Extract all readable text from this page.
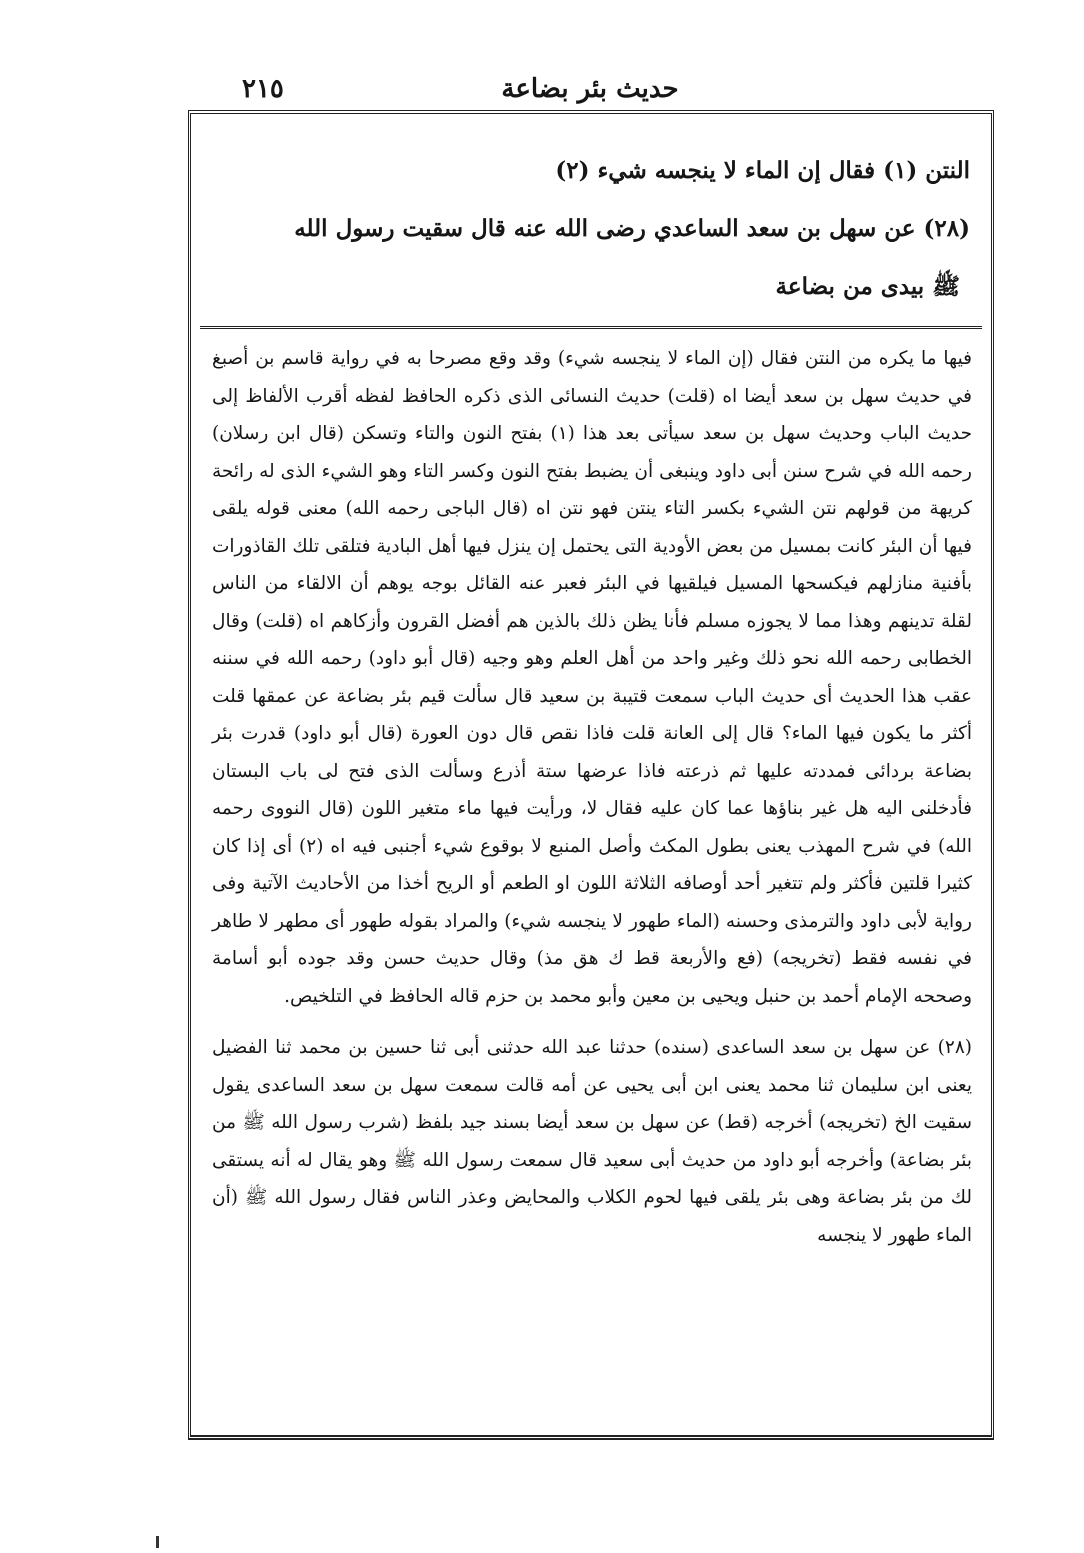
٢١٥	حديث بئر بضاعة

النتن (١) فقال إن الماء لا ينجسه شيء (٢)

(٢٨) عن سهل بن سعد الساعدي رضى الله عنه قال سقيت رسول الله

ﷺ بيدى من بضاعة

فيها ما يكره من النتن فقال (إن الماء لا ينجسه شيء) وقد وقع مصرحا به في رواية قاسم بن أصبغ في حديث سهل بن سعد أيضا اه (قلت) حديث النسائى الذى ذكره الحافظ لفظه أقرب الألفاظ إلى حديث الباب وحديث سهل بن سعد سيأتى بعد هذا (١) بفتح النون والتاء وتسكن (قال ابن رسلان) رحمه الله في شرح سنن أبى داود وينبغى أن يضبط بفتح النون وكسر التاء وهو الشيء الذى له رائحة كريهة من قولهم نتن الشيء بكسر التاء ينتن فهو نتن اه (قال الباجى رحمه الله) معنى قوله يلقى فيها أن البئر كانت بمسيل من بعض الأودية التى يحتمل إن ينزل فيها أهل البادية فتلقى تلك القاذورات بأفنية منازلهم فيكسحها المسيل فيلقيها في البئر فعبر عنه القائل بوجه يوهم أن الالقاء من الناس لقلة تدينهم وهذا مما لا يجوزه مسلم فأنا يظن ذلك بالذين هم أفضل القرون وأزكاهم اه (قلت) وقال الخطابى رحمه الله نحو ذلك وغير واحد من أهل العلم وهو وجيه (قال أبو داود) رحمه الله في سننه عقب هذا الحديث أى حديث الباب سمعت قتيبة بن سعيد قال سألت قيم بئر بضاعة عن عمقها قلت أكثر ما يكون فيها الماء؟ قال إلى العانة قلت فاذا نقص قال دون العورة (قال أبو داود) قدرت بئر بضاعة بردائى فمددته عليها ثم ذرعته فاذا عرضها ستة أذرع وسألت الذى فتح لى باب البستان فأدخلنى اليه هل غير بناؤها عما كان عليه فقال لا، ورأيت فيها ماء متغير اللون (قال النووى رحمه الله) في شرح المهذب يعنى بطول المكث وأصل المنبع لا بوقوع شيء أجنبى فيه اه (٢) أى إذا كان كثيرا قلتين فأكثر ولم تتغير أحد أوصافه الثلاثة اللون او الطعم أو الريح أخذا من الأحاديث الآتية وفى رواية لأبى داود والترمذى وحسنه (الماء طهور لا ينجسه شيء) والمراد بقوله طهور أى مطهر لا طاهر في نفسه فقط (تخريجه) (فع والأربعة قط ك هق مذ) وقال حديث حسن وقد جوده أبو أسامة وصححه الإمام أحمد بن حنبل ويحيى بن معين وأبو محمد بن حزم قاله الحافظ في التلخيص.

(٢٨) عن سهل بن سعد الساعدى (سنده) حدثنا عبد الله حدثنى أبى ثنا حسين بن محمد ثنا الفضيل يعنى ابن سليمان ثنا محمد يعنى ابن أبى يحيى عن أمه قالت سمعت سهل بن سعد الساعدى يقول سقيت الخ (تخريجه) أخرجه (قط) عن سهل بن سعد أيضا بسند جيد بلفظ (شرب رسول الله ﷺ من بئر بضاعة) وأخرجه أبو داود من حديث أبى سعيد قال سمعت رسول الله ﷺ وهو يقال له أنه يستقى لك من بئر بضاعة وهى بئر يلقى فيها لحوم الكلاب والمحايض وعذر الناس فقال رسول الله ﷺ (أن الماء طهور لا ينجسه
